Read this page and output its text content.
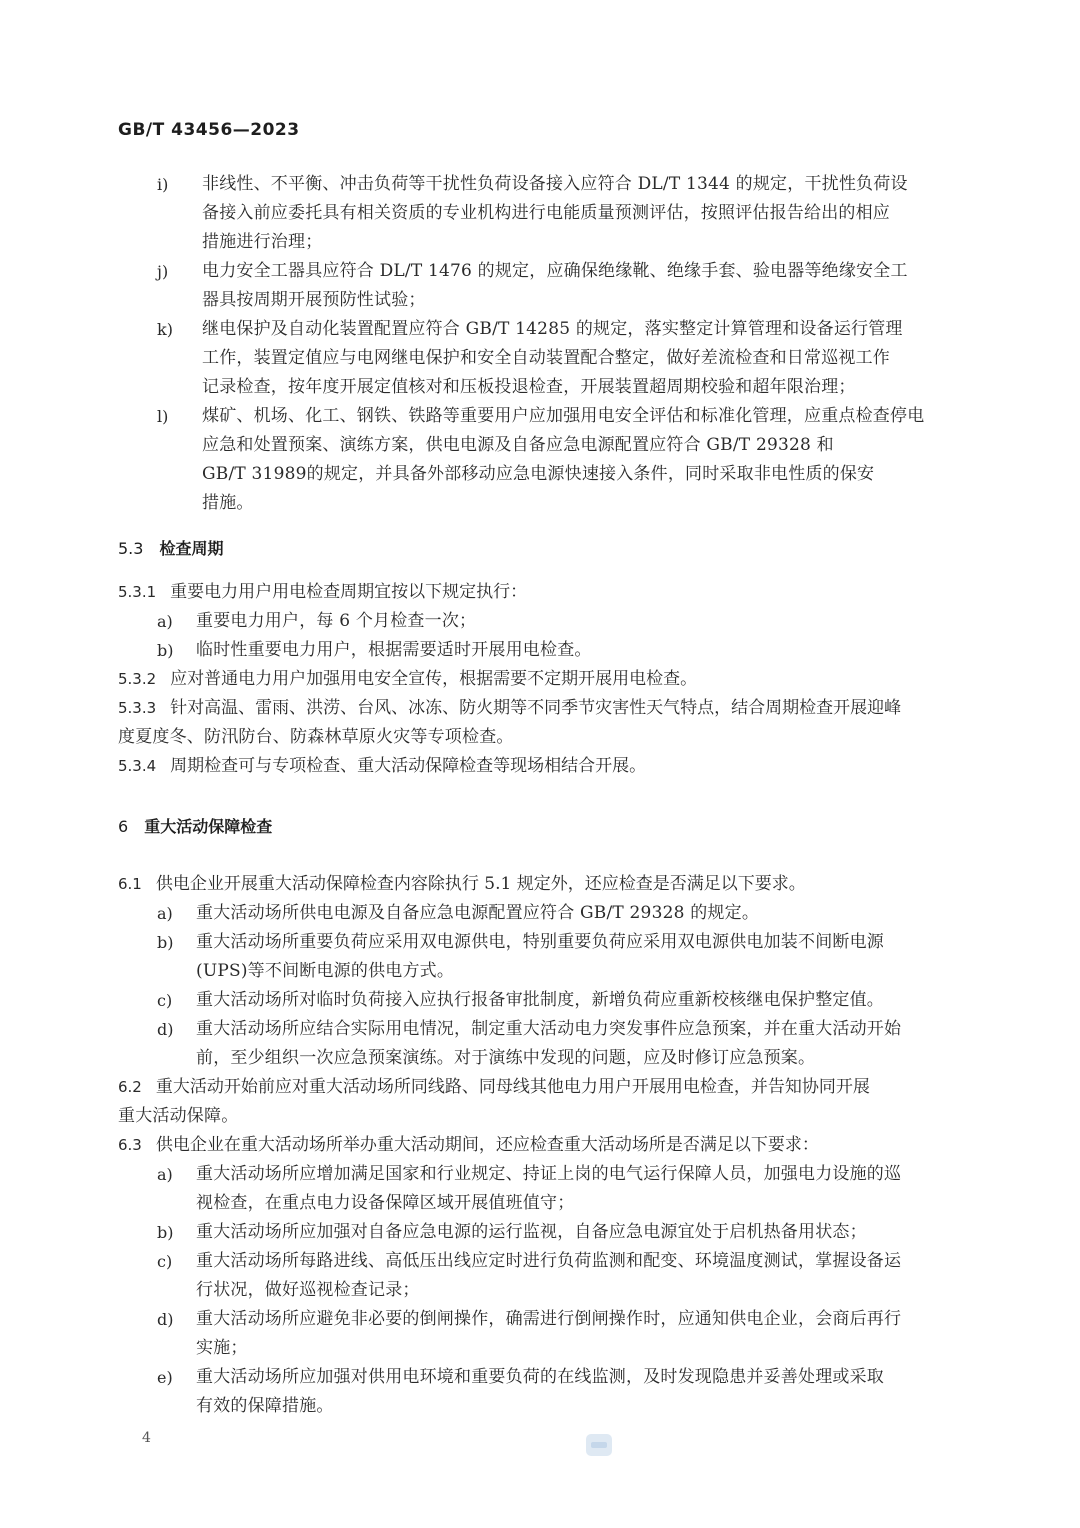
GB/T 43456—2023
i) 非线性、不平衡、冲击负荷等干扰性负荷设备接入应符合 DL/T 1344 的规定，干扰性负荷设
备接入前应委托具有相关资质的专业机构进行电能质量预测评估，按照评估报告给出的相应
措施进行治理；
j) 电力安全工器具应符合 DL/T 1476 的规定，应确保绝缘靴、绝缘手套、验电器等绝缘安全工
器具按周期开展预防性试验；
k) 继电保护及自动化装置配置应符合 GB/T 14285 的规定，落实整定计算管理和设备运行管理
工作，装置定值应与电网继电保护和安全自动装置配合整定，做好差流检查和日常巡视工作
记录检查，按年度开展定值核对和压板投退检查，开展装置超周期校验和超年限治理；
l) 煤矿、机场、化工、钢铁、铁路等重要用户应加强用电安全评估和标准化管理，应重点检查停电
应急和处置预案、演练方案，供电电源及自备应急电源配置应符合 GB/T 29328 和
GB/T 31989的规定，并具备外部移动应急电源快速接入条件，同时采取非电性质的保安
措施。
5.3 检查周期
5.3.1 重要电力用户用电检查周期宜按以下规定执行：
a) 重要电力用户，每 6 个月检查一次；
b) 临时性重要电力用户，根据需要适时开展用电检查。
5.3.2 应对普通电力用户加强用电安全宣传，根据需要不定期开展用电检查。
5.3.3 针对高温、雷雨、洪涝、台风、冰冻、防火期等不同季节灾害性天气特点，结合周期检查开展迎峰
度夏度冬、防汛防台、防森林草原火灾等专项检查。
5.3.4 周期检查可与专项检查、重大活动保障检查等现场相结合开展。
6 重大活动保障检查
6.1 供电企业开展重大活动保障检查内容除执行 5.1 规定外，还应检查是否满足以下要求。
a) 重大活动场所供电电源及自备应急电源配置应符合 GB/T 29328 的规定。
b) 重大活动场所重要负荷应采用双电源供电，特别重要负荷应采用双电源供电加装不间断电源
(UPS)等不间断电源的供电方式。
c) 重大活动场所对临时负荷接入应执行报备审批制度，新增负荷应重新校核继电保护整定值。
d) 重大活动场所应结合实际用电情况，制定重大活动电力突发事件应急预案，并在重大活动开始
前，至少组织一次应急预案演练。对于演练中发现的问题，应及时修订应急预案。
6.2 重大活动开始前应对重大活动场所同线路、同母线其他电力用户开展用电检查，并告知协同开展
重大活动保障。
6.3 供电企业在重大活动场所举办重大活动期间，还应检查重大活动场所是否满足以下要求：
a) 重大活动场所应增加满足国家和行业规定、持证上岗的电气运行保障人员，加强电力设施的巡
视检查，在重点电力设备保障区域开展值班值守；
b) 重大活动场所应加强对自备应急电源的运行监视，自备应急电源宜处于启机热备用状态；
c) 重大活动场所每路进线、高低压出线应定时进行负荷监测和配变、环境温度测试，掌握设备运
行状况，做好巡视检查记录；
d) 重大活动场所应避免非必要的倒闸操作，确需进行倒闸操作时，应通知供电企业，会商后再行
实施；
e) 重大活动场所应加强对供用电环境和重要负荷的在线监测，及时发现隐患并妥善处理或采取
有效的保障措施。
4
